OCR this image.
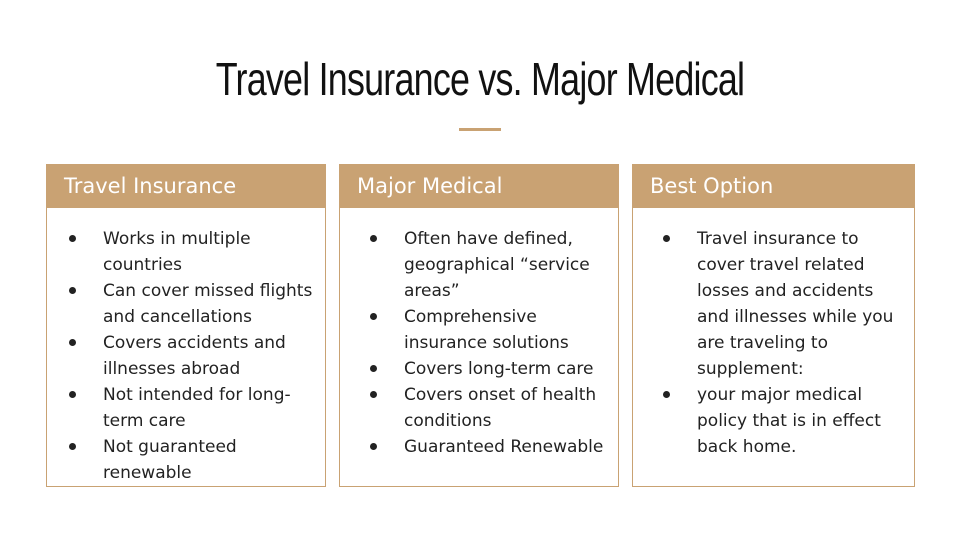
Travel Insurance vs. Major Medical
Travel Insurance
Works in multiple countries
Can cover missed flights and cancellations
Covers accidents and illnesses abroad
Not intended for long-term care
Not guaranteed renewable
Major Medical
Often have defined, geographical “service areas”
Comprehensive insurance solutions
Covers long-term care
Covers onset of health conditions
Guaranteed Renewable
Best Option
Travel insurance to cover travel related losses and accidents and illnesses while you are traveling to supplement:
your major medical policy that is in effect back home.
